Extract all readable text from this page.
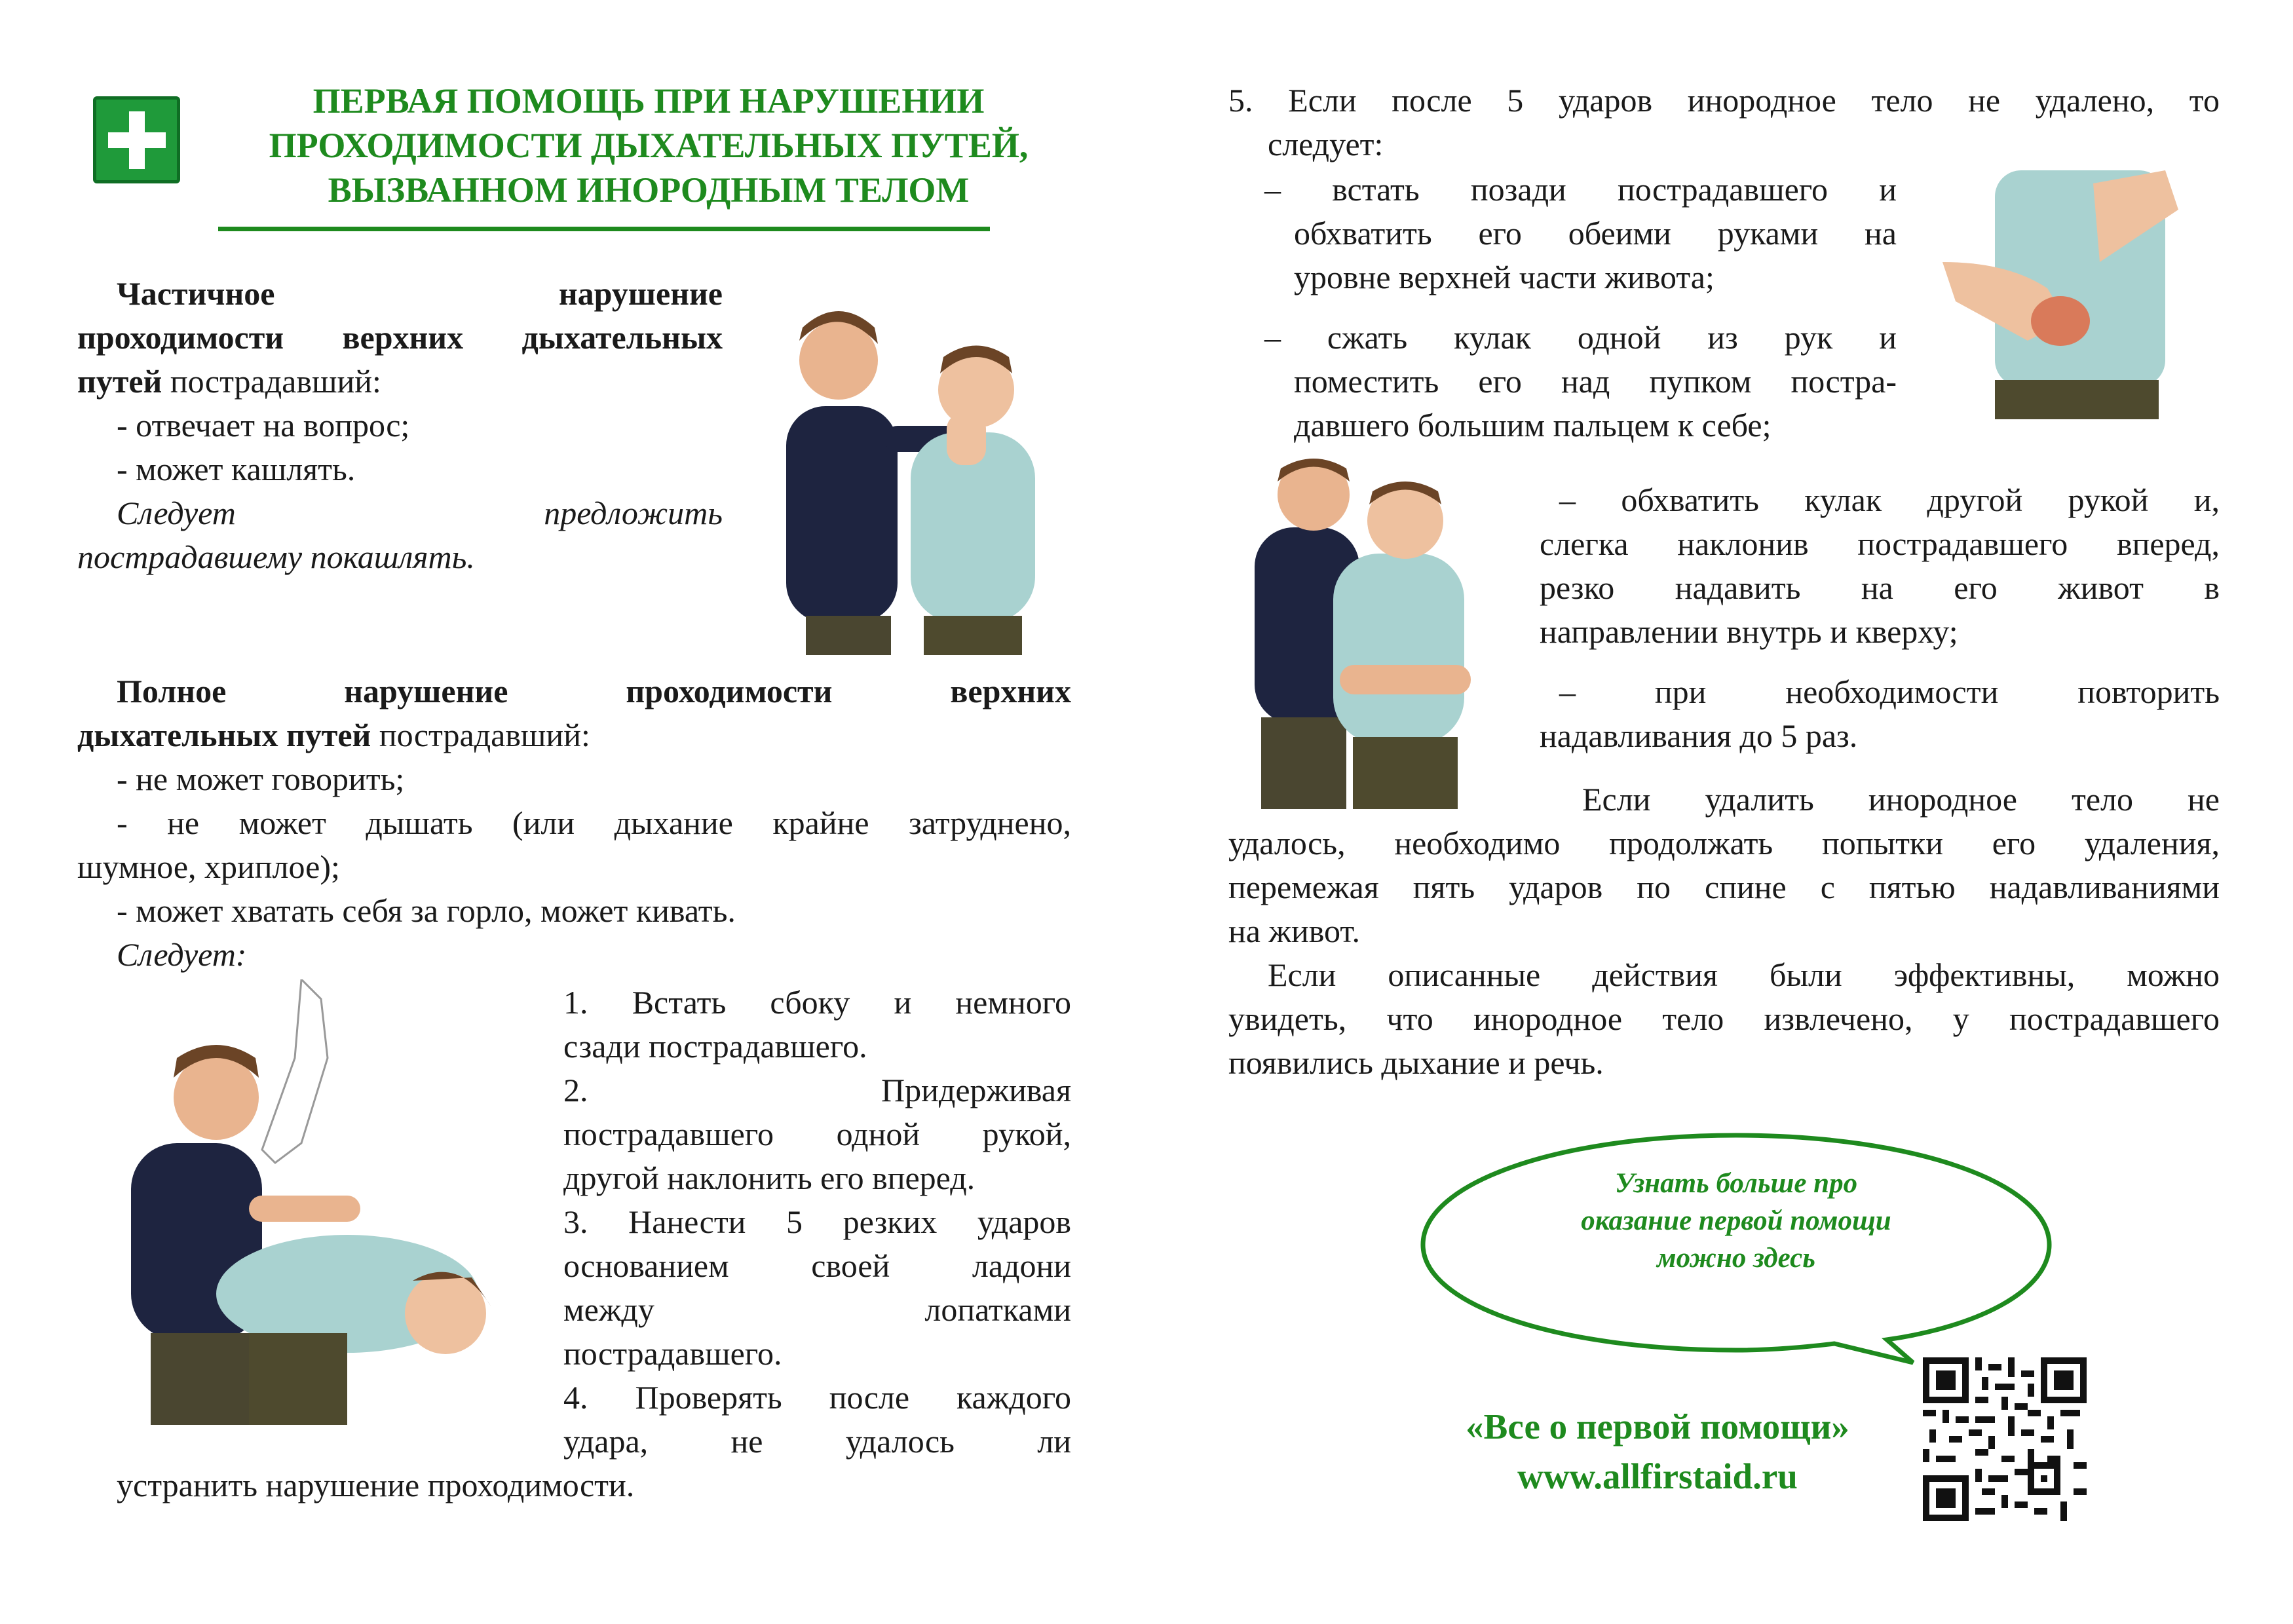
ПЕРВАЯ ПОМОЩЬ ПРИ НАРУШЕНИИ
ПРОХОДИМОСТИ ДЫХАТЕЛЬНЫХ ПУТЕЙ,
ВЫЗВАННОМ ИНОРОДНЫМ ТЕЛОМ

Частичное	нарушение

проходимости верхних дыхательных

путей пострадавший:

- отвечает на вопрос;

- может кашлять.

Следует	предложить

пострадавшему покашлять.

Полное нарушение проходимости верхних

дыхательных путей пострадавший:

- не может говорить;

- не может дышать (или дыхание крайне затруднено,

шумное, хриплое);

- может хватать себя за горло, может кивать.

Следует:

1. Встать сбоку и немного

сзади пострадавшего.

2. Придерживая

пострадавшего одной рукой,

другой наклонить его вперед.

3. Нанести 5 резких ударов

основанием своей ладони

между лопатками

пострадавшего.

4. Проверять после каждого

удара, не удалось ли

устранить нарушение проходимости.

5. Если после 5 ударов инородное тело не удалено, то

следует:

– встать позади пострадавшего и

обхватить его обеими руками на

уровне верхней части живота;

– сжать кулак одной из рук и

поместить его над пупком постра-

давшего большим пальцем к себе;

– обхватить кулак другой рукой и,

слегка наклонив пострадавшего вперед,

резко надавить на его живот в

направлении внутрь и кверху;

– при необходимости повторить

надавливания до 5 раз.

Если удалить инородное тело не

удалось, необходимо продолжать попытки его удаления,

перемежая пять ударов по спине с пятью надавливаниями

на живот.

Если описанные действия были эффективны, можно

увидеть, что инородное тело извлечено, у пострадавшего

появились дыхание и речь.

Узнать больше про
оказание первой помощи
можно здесь
«Все о первой помощи»
www.allfirstaid.ru
